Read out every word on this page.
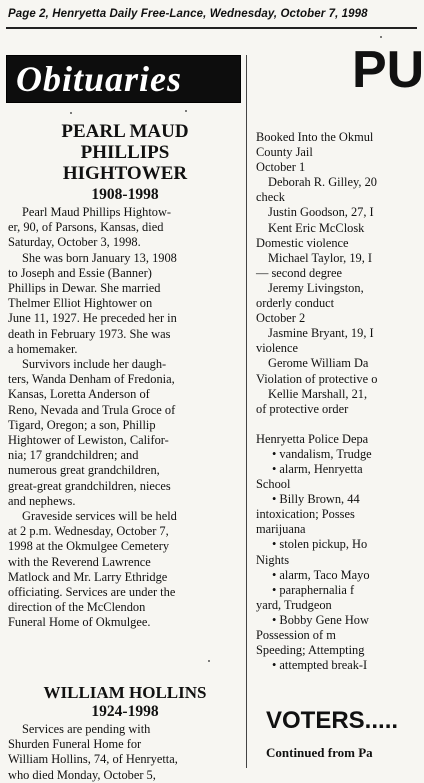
Page 2, Henryetta Daily Free-Lance, Wednesday, October 7, 1998
Obituaries	PU
PEARL MAUD
PHILLIPS
HIGHTOWER
1908-1998
Pearl Maud Phillips Hightow-
er, 90, of Parsons, Kansas, died
Saturday, October 3, 1998.
She was born January 13, 1908
to Joseph and Essie (Banner)
Phillips in Dewar. She married
Thelmer Elliot Hightower on
June 11, 1927. He preceded her in
death in February 1973. She was
a homemaker.
Survivors include her daugh-
ters, Wanda Denham of Fredonia,
Kansas, Loretta Anderson of
Reno, Nevada and Trula Groce of
Tigard, Oregon; a son, Phillip
Hightower of Lewiston, Califor-
nia; 17 grandchildren; and
numerous great grandchildren,
great-great grandchildren, nieces
and nephews.
Graveside services will be held
at 2 p.m. Wednesday, October 7,
1998 at the Okmulgee Cemetery
with the Reverend Lawrence
Matlock and Mr. Larry Ethridge
officiating. Services are under the
direction of the McClendon
Funeral Home of Okmulgee.
WILLIAM HOLLINS
1924-1998
Services are pending with
Shurden Funeral Home for
William Hollins, 74, of Henryetta,
who died Monday, October 5,
Booked Into the Okmul
County Jail
October 1
Deborah R. Gilley, 20
check
Justin Goodson, 27, I
Kent Eric McClosk
Domestic violence
Michael Taylor, 19, I
— second degree
Jeremy Livingston,
orderly conduct
October 2
Jasmine Bryant, 19, I
violence
Gerome William Da
Violation of protective o
Kellie Marshall, 21,
of protective order
Henryetta Police Depa
• vandalism, Trudge
• alarm, Henryetta
School
• Billy Brown, 44
intoxication; Posses
marijuana
• stolen pickup, Ho
Nights
• alarm, Taco Mayo
• paraphernalia f
yard, Trudgeon
• Bobby Gene How
Possession of m
Speeding; Attempting
• attempted break-I
VOTERS.....
Continued from Pa
